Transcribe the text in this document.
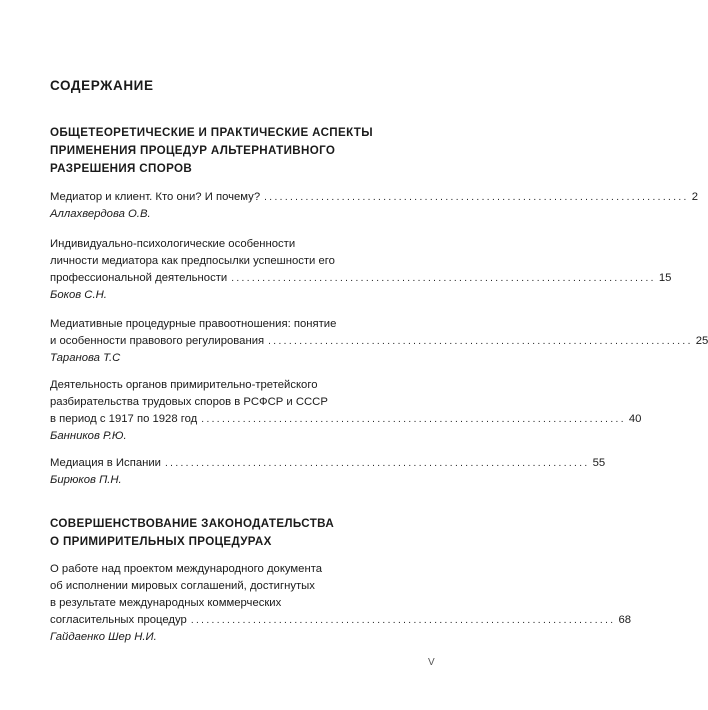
СОДЕРЖАНИЕ
ОБЩЕТЕОРЕТИЧЕСКИЕ И ПРАКТИЧЕСКИЕ АСПЕКТЫ
ПРИМЕНЕНИЯ ПРОЦЕДУР АЛЬТЕРНАТИВНОГО
РАЗРЕШЕНИЯ СПОРОВ
Медиатор и клиент. Кто они? И почему? .................................................................................. 2
Аллахвердова О.В.
Индивидуально-психологические особенности
личности медиатора как предпосылки успешности его
профессиональной деятельности .................................................................................. 15
Боков С.Н.
Медиативные процедурные правоотношения: понятие
и особенности правового регулирования .................................................................................. 25
Таранова Т.С
Деятельность органов примирительно-третейского
разбирательства трудовых споров в РСФСР и СССР
в период с 1917 по 1928 год .................................................................................. 40
Банников Р.Ю.
Медиация в Испании .................................................................................. 55
Бирюков П.Н.
СОВЕРШЕНСТВОВАНИЕ ЗАКОНОДАТЕЛЬСТВА
О ПРИМИРИТЕЛЬНЫХ ПРОЦЕДУРАХ
О работе над проектом международного документа
об исполнении мировых соглашений, достигнутых
в результате международных коммерческих
согласительных процедур .................................................................................. 68
Гайдаенко Шер Н.И.
V
